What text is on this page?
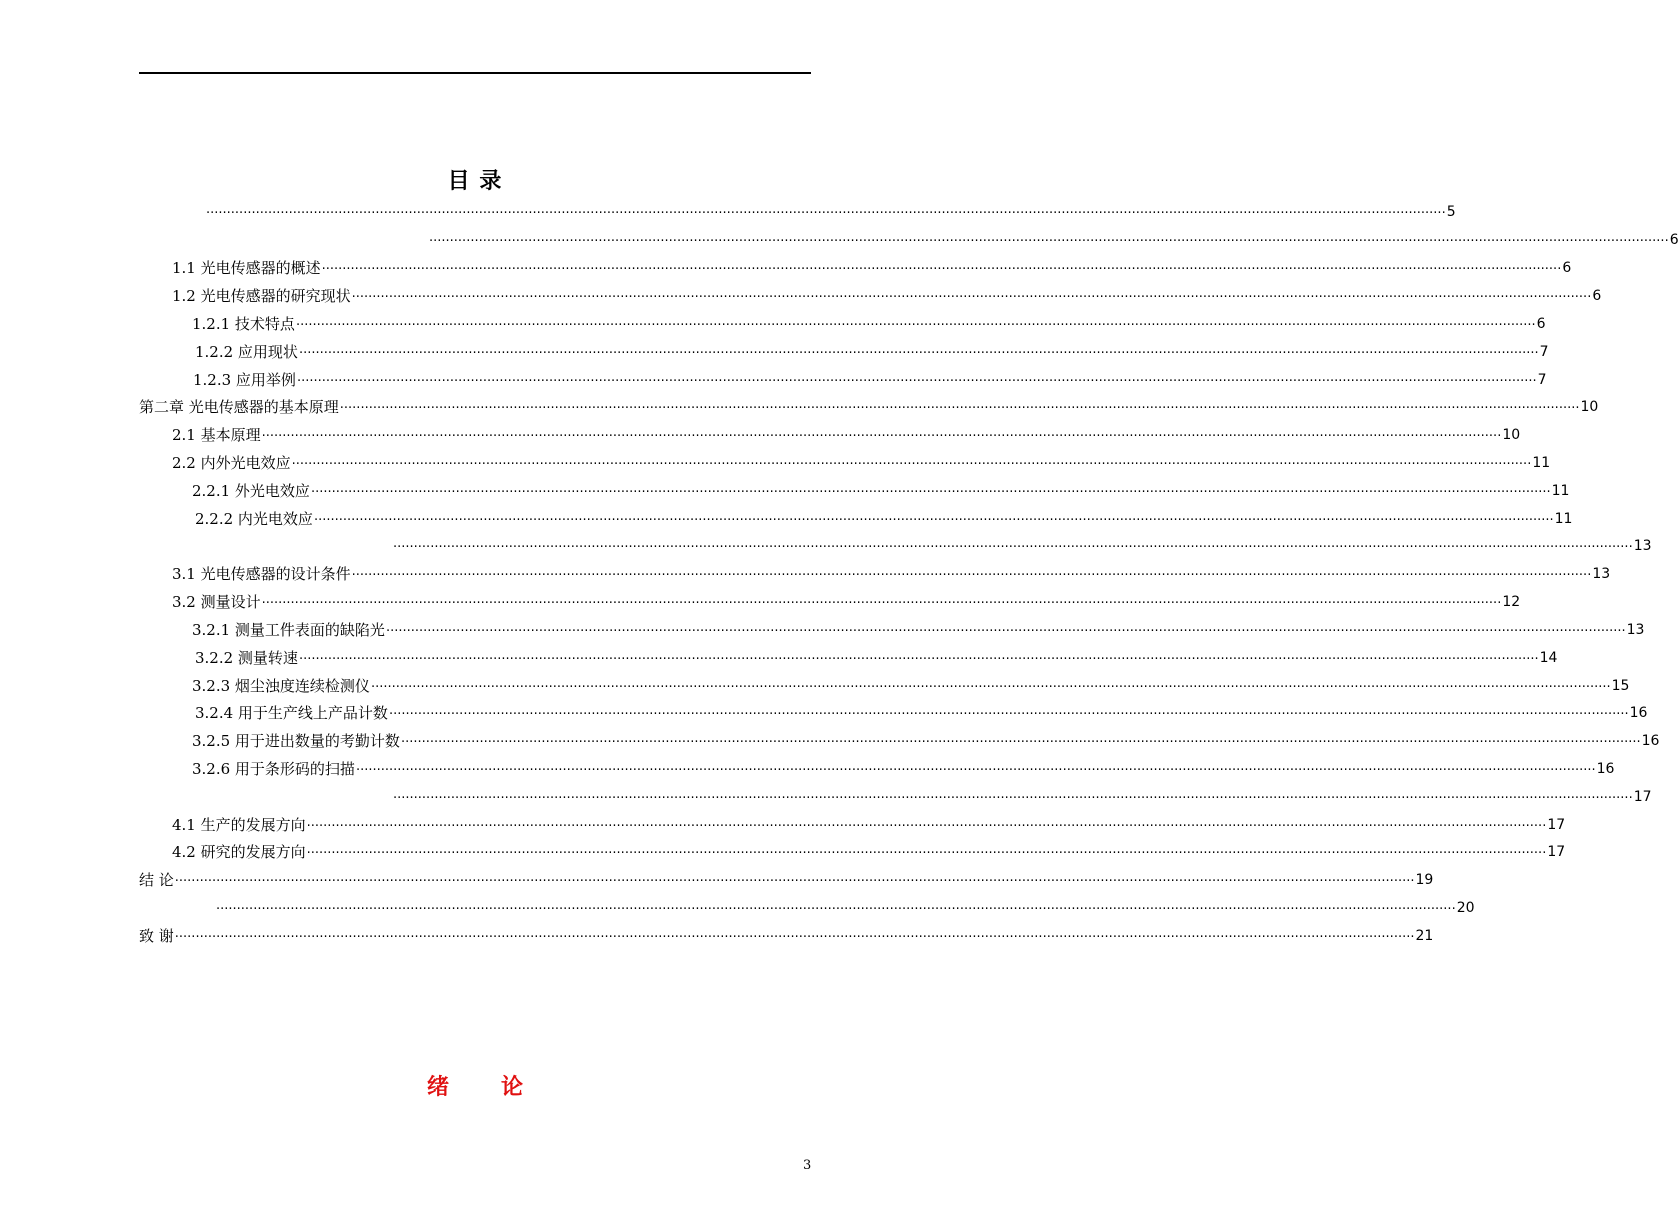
目 录
............................................................................................................................................................................................................................................................................................................ 5
............................................................................................................................................................................................................................................................................................................ 6
1.1 光电传感器的概述 ............................................................................................................................................................................................................................................................................................................ 6
1.2 光电传感器的研究现状 ............................................................................................................................................................................................................................................................................................................ 6
1.2.1 技术特点 ............................................................................................................................................................................................................................................................................................................ 6
1.2.2 应用现状 ............................................................................................................................................................................................................................................................................................................ 7
1.2.3 应用举例 ............................................................................................................................................................................................................................................................................................................ 7
第二章 光电传感器的基本原理 ............................................................................................................................................................................................................................................................................................................ 10
2.1 基本原理 ............................................................................................................................................................................................................................................................................................................ 10
2.2 内外光电效应 ............................................................................................................................................................................................................................................................................................................ 11
2.2.1 外光电效应 ............................................................................................................................................................................................................................................................................................................ 11
2.2.2 内光电效应 ............................................................................................................................................................................................................................................................................................................ 11
............................................................................................................................................................................................................................................................................................................ 13
3.1 光电传感器的设计条件 ............................................................................................................................................................................................................................................................................................................ 13
3.2 测量设计 ............................................................................................................................................................................................................................................................................................................ 12
3.2.1 测量工件表面的缺陷光 ............................................................................................................................................................................................................................................................................................................ 13
3.2.2 测量转速 ............................................................................................................................................................................................................................................................................................................ 14
3.2.3 烟尘浊度连续检测仪 ............................................................................................................................................................................................................................................................................................................ 15
3.2.4 用于生产线上产品计数 ............................................................................................................................................................................................................................................................................................................ 16
3.2.5 用于进出数量的考勤计数 ............................................................................................................................................................................................................................................................................................................ 16
3.2.6 用于条形码的扫描 ............................................................................................................................................................................................................................................................................................................ 16
............................................................................................................................................................................................................................................................................................................ 17
4.1 生产的发展方向 ............................................................................................................................................................................................................................................................................................................ 17
4.2 研究的发展方向 ............................................................................................................................................................................................................................................................................................................ 17
结 论 ............................................................................................................................................................................................................................................................................................................ 19
............................................................................................................................................................................................................................................................................................................ 20
致 谢 ............................................................................................................................................................................................................................................................................................................ 21
绪 论
3
